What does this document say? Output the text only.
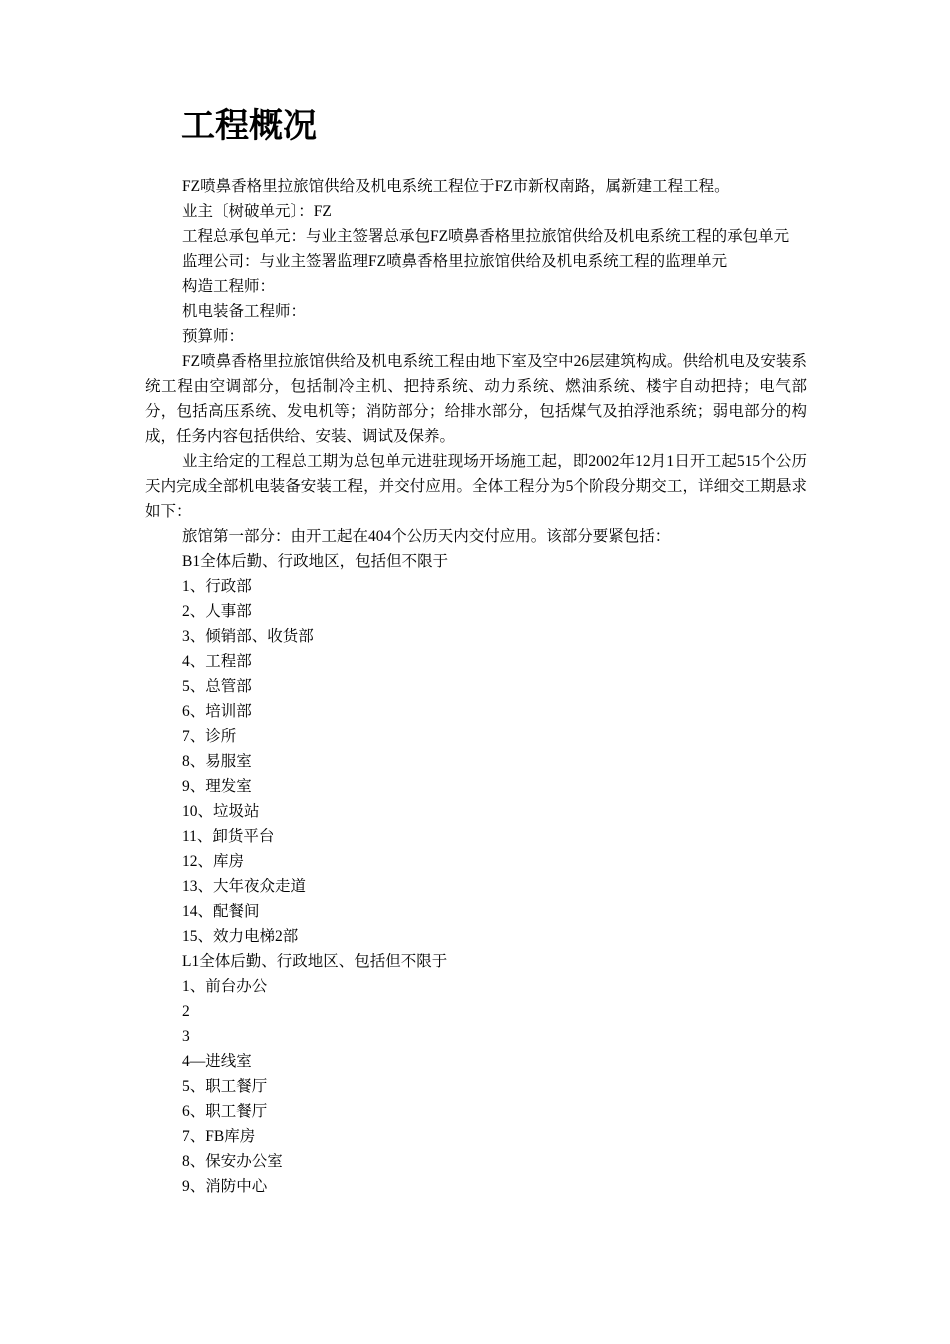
工程概况

FZ喷鼻香格里拉旅馆供给及机电系统工程位于FZ市新权南路，属新建工程工程。

业主〔树破单元〕：FZ

工程总承包单元：与业主签署总承包FZ喷鼻香格里拉旅馆供给及机电系统工程的承包单元

监理公司：与业主签署监理FZ喷鼻香格里拉旅馆供给及机电系统工程的监理单元

构造工程师：

机电装备工程师：

预算师：

FZ喷鼻香格里拉旅馆供给及机电系统工程由地下室及空中26层建筑构成。供给机电及安装系统工程由空调部分，包括制冷主机、把持系统、动力系统、燃油系统、楼宇自动把持；电气部分，包括高压系统、发电机等；消防部分；给排水部分，包括煤气及拍浮池系统；弱电部分的构成，任务内容包括供给、安装、调试及保养。

业主给定的工程总工期为总包单元进驻现场开场施工起，即2002年12月1日开工起515个公历天内完成全部机电装备安装工程，并交付应用。全体工程分为5个阶段分期交工，详细交工期悬求如下：

旅馆第一部分：由开工起在404个公历天内交付应用。该部分要紧包括：

B1全体后勤、行政地区，包括但不限于

1、行政部

2、人事部

3、倾销部、收货部

4、工程部

5、总管部

6、培训部

7、诊所

8、易服室

9、理发室

10、垃圾站

11、卸货平台

12、库房

13、大年夜众走道

14、配餐间

15、效力电梯2部

L1全体后勤、行政地区、包括但不限于

1、前台办公

2

3

4—进线室

5、职工餐厅

6、职工餐厅

7、FB库房

8、保安办公室

9、消防中心
